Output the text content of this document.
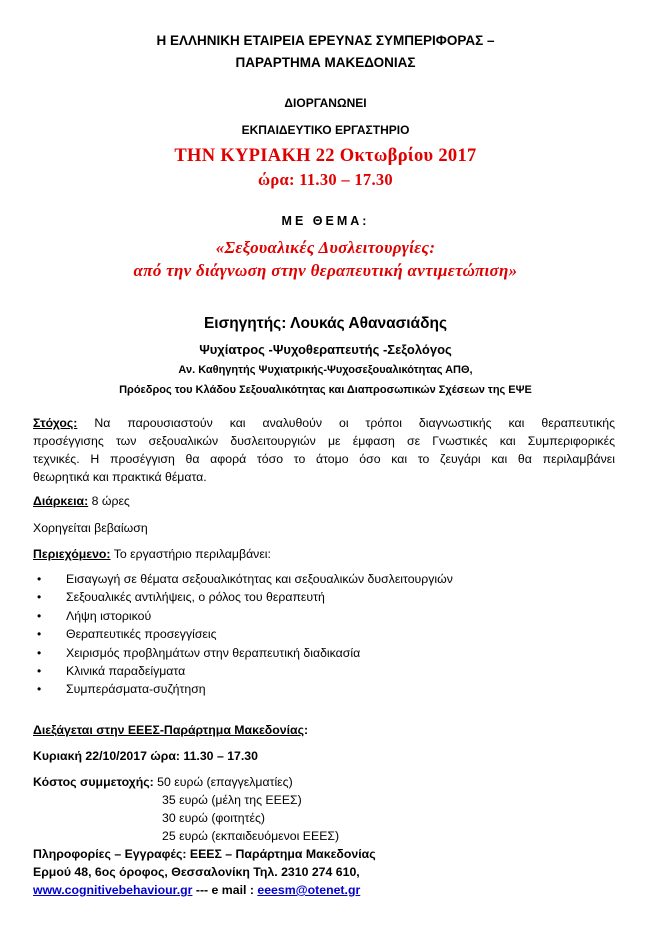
Η ΕΛΛΗΝΙΚΗ ΕΤΑΙΡΕΙΑ ΕΡΕΥΝΑΣ ΣΥΜΠΕΡΙΦΟΡΑΣ –
ΠΑΡΑΡΤΗΜΑ ΜΑΚΕΔΟΝΙΑΣ
ΔΙΟΡΓΑΝΩΝΕΙ
ΕΚΠΑΙΔΕΥΤΙΚΟ ΕΡΓΑΣΤΗΡΙΟ
ΤΗΝ ΚΥΡΙΑΚΗ 22 Οκτωβρίου 2017
ώρα: 11.30 – 17.30
ΜΕ ΘΕΜΑ:
«Σεξουαλικές Δυσλειτουργίες:
από την διάγνωση στην θεραπευτική αντιμετώπιση»
Εισηγητής: Λουκάς Αθανασιάδης
Ψυχίατρος -Ψυχοθεραπευτής -Σεξολόγος
Αν. Καθηγητής Ψυχιατρικής-Ψυχοσεξουαλικότητας ΑΠΘ,
Πρόεδρος του Κλάδου Σεξουαλικότητας και Διαπροσωπικών Σχέσεων της ΕΨΕ
Στόχος: Να παρουσιαστούν και αναλυθούν οι τρόποι διαγνωστικής και θεραπευτικής
προσέγγισης των σεξουαλικών δυσλειτουργιών με έμφαση σε Γνωστικές και Συμπεριφορικές
τεχνικές. Η προσέγγιση θα αφορά τόσο το άτομο όσο και το ζευγάρι και θα περιλαμβάνει
θεωρητικά και πρακτικά θέματα.
Διάρκεια: 8 ώρες
Χορηγείται βεβαίωση
Περιεχόμενο: Το εργαστήριο περιλαμβάνει:
• Εισαγωγή σε θέματα σεξουαλικότητας και σεξουαλικών δυσλειτουργιών
• Σεξουαλικές αντιλήψεις, ο ρόλος του θεραπευτή
• Λήψη ιστορικού
• Θεραπευτικές προσεγγίσεις
• Χειρισμός προβλημάτων στην θεραπευτική διαδικασία
• Κλινικά παραδείγματα
• Συμπεράσματα-συζήτηση
Διεξάγεται στην ΕΕΕΣ-Παράρτημα Μακεδονίας:
Κυριακή 22/10/2017 ώρα: 11.30 – 17.30
Κόστος συμμετοχής: 50 ευρώ (επαγγελματίες)
35 ευρώ (μέλη της ΕΕΕΣ)
30 ευρώ (φοιτητές)
25 ευρώ (εκπαιδευόμενοι ΕΕΕΣ)
Πληροφορίες – Εγγραφές: ΕΕΕΣ – Παράρτημα Μακεδονίας
Ερμού 48, 6ος όροφος, Θεσσαλονίκη Τηλ. 2310 274 610,
www.cognitivebehaviour.gr --- e mail : eeesm@otenet.gr
